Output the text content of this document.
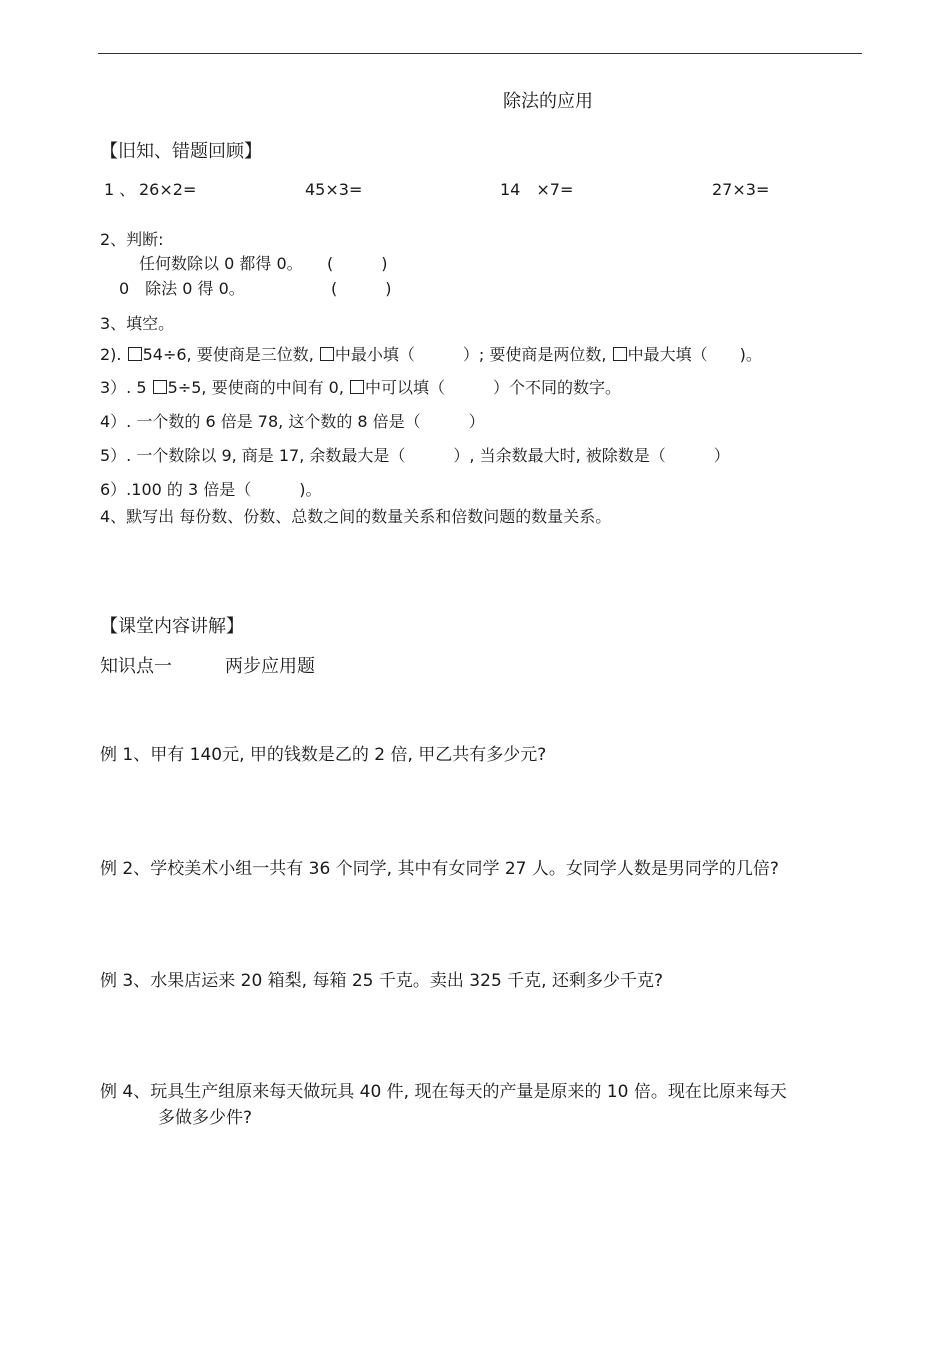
除法的应用
【旧知、错题回顾】
1 、 26×2=	45×3=	14　×7=	27×3=
2、判断:
任何数除以 0 都得 0。 (　　　)
0　除法 0 得 0。	(　　　)
3、填空。
2). 54÷6, 要使商是三位数, 中最小填（　　　）; 要使商是两位数, 中最大填（　　)。
3）. 5 5÷5, 要使商的中间有 0, 中可以填（　　　）个不同的数字。
4）. 一个数的 6 倍是 78, 这个数的 8 倍是（　　　）
5）. 一个数除以 9, 商是 17, 余数最大是（　　　）, 当余数最大时, 被除数是（　　　）
6）.100 的 3 倍是（　　　)。
4、默写出 每份数、份数、总数之间的数量关系和倍数问题的数量关系。
【课堂内容讲解】
知识点一	两步应用题
例 1、甲有 140元, 甲的钱数是乙的 2 倍, 甲乙共有多少元?
例 2、学校美术小组一共有 36 个同学, 其中有女同学 27 人。女同学人数是男同学的几倍?
例 3、水果店运来 20 箱梨, 每箱 25 千克。卖出 325 千克, 还剩多少千克?
例 4、玩具生产组原来每天做玩具 40 件, 现在每天的产量是原来的 10 倍。现在比原来每天
多做多少件?
